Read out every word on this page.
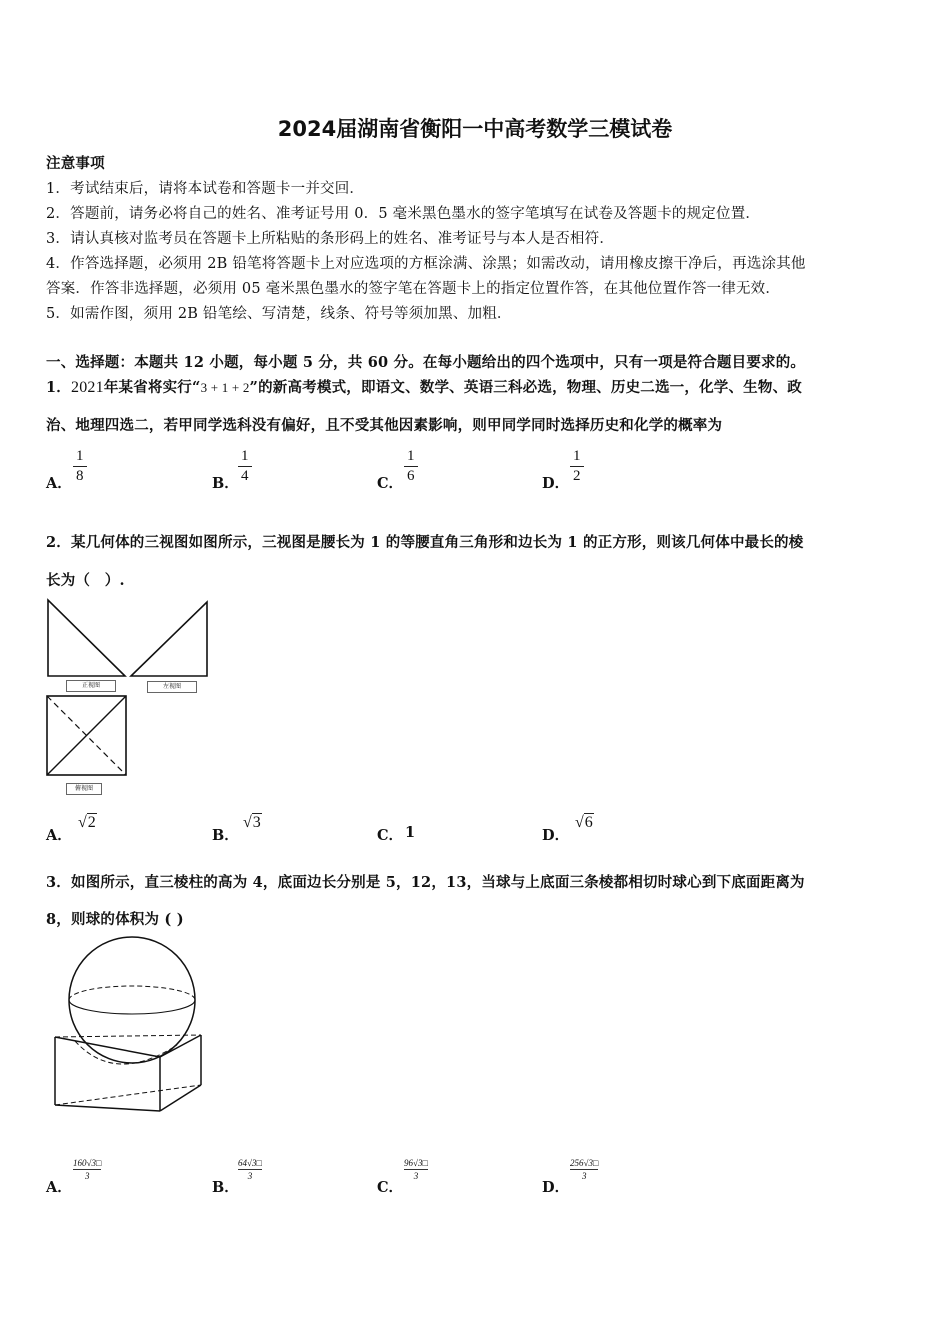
2024届湖南省衡阳一中高考数学三模试卷
注意事项
1．考试结束后，请将本试卷和答题卡一并交回．
2．答题前，请务必将自己的姓名、准考证号用 0．5 毫米黑色墨水的签字笔填写在试卷及答题卡的规定位置．
3．请认真核对监考员在答题卡上所粘贴的条形码上的姓名、准考证号与本人是否相符．
4．作答选择题，必须用 2B 铅笔将答题卡上对应选项的方框涂满、涂黑；如需改动，请用橡皮擦干净后，再选涂其他
答案．作答非选择题，必须用 05 毫米黑色墨水的签字笔在答题卡上的指定位置作答，在其他位置作答一律无效．
5．如需作图，须用 2B 铅笔绘、写清楚，线条、符号等须加黑、加粗．
一、选择题：本题共 12 小题，每小题 5 分，共 60 分。在每小题给出的四个选项中，只有一项是符合题目要求的。
1．2021年某省将实行“3 + 1 + 2”的新高考模式，即语文、数学、英语三科必选，物理、历史二选一，化学、生物、政
治、地理四选二，若甲同学选科没有偏好，且不受其他因素影响，则甲同学同时选择历史和化学的概率为
A．
1
8	B．
1
4	C．
1
6	D．
1
2
2．某几何体的三视图如图所示，三视图是腰长为 1 的等腰直角三角形和边长为 1 的正方形，则该几何体中最长的棱
长为（　）.
正视图	左视图
俯视图
A．
√2
B．
√3
C． 1	D．
√6
3．如图所示，直三棱柱的高为 4，底面边长分别是 5，12，13，当球与上底面三条棱都相切时球心到下底面距离为
8，则球的体积为 ( )
A．
160√3□
3
B．
64√3□
3
C．
96√3□
3
D．
256√3□
3
